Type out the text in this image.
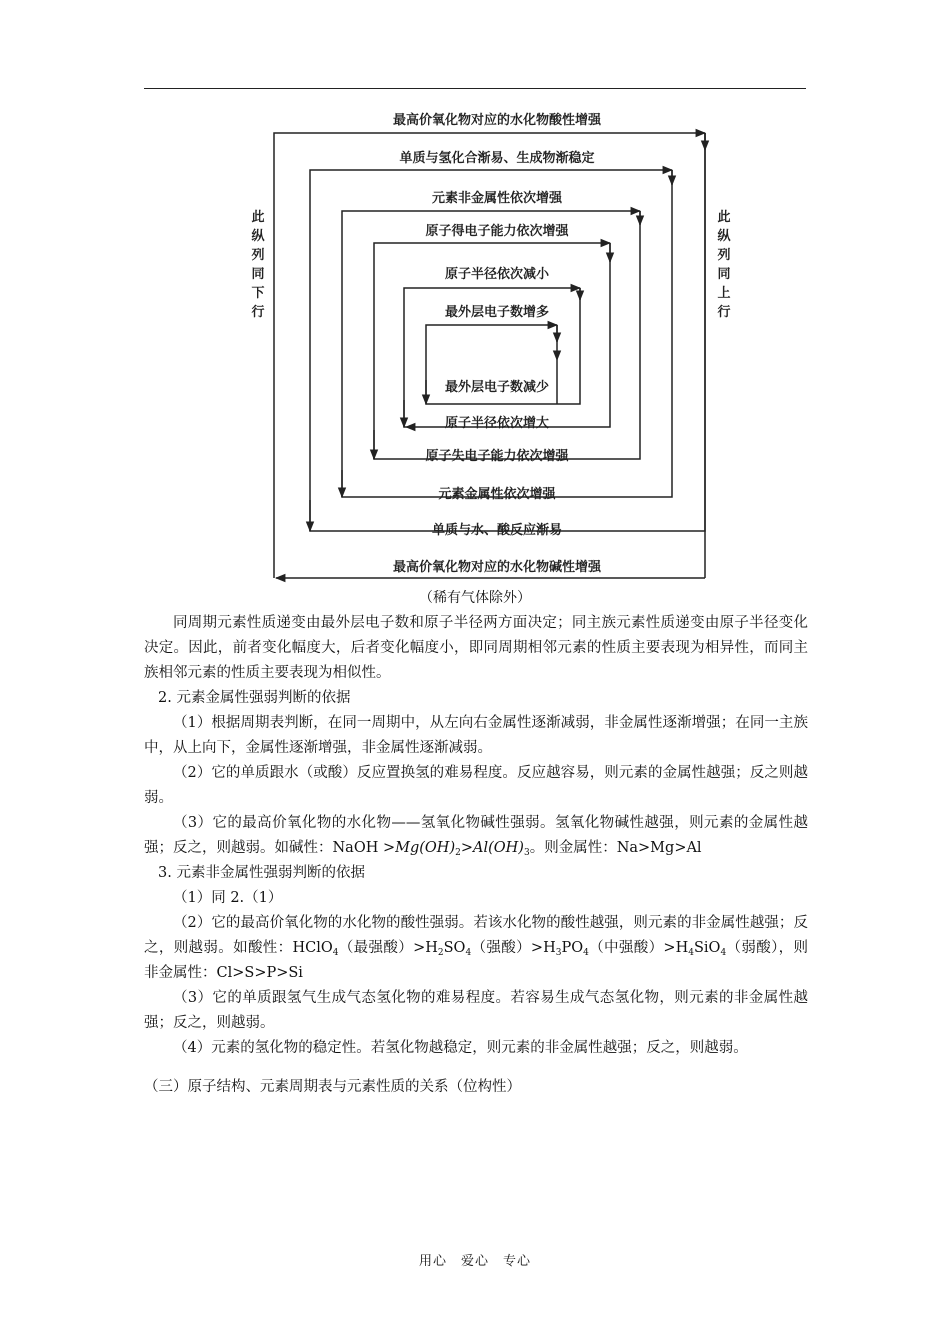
最高价氧化物对应的水化物酸性增强
单质与氢化合渐易、生成物渐稳定
元素非金属性依次增强
原子得电子能力依次增强
原子半径依次减小
最外层电子数增多
最外层电子数减少
原子半径依次增大
原子失电子能力依次增强
元素金属性依次增强
单质与水、酸反应渐易
最高价氧化物对应的水化物碱性增强
此
纵
列
同
下
行
此
纵
列
同
上
行
（稀有气体除外）

同周期元素性质递变由最外层电子数和原子半径两方面决定；同主族元素性质递变由原子半径变化决定。因此，前者变化幅度大，后者变化幅度小，即同周期相邻元素的性质主要表现为相异性，而同主族相邻元素的性质主要表现为相似性。

2. 元素金属性强弱判断的依据

（1）根据周期表判断，在同一周期中，从左向右金属性逐渐减弱，非金属性逐渐增强；在同一主族中，从上向下，金属性逐渐增强，非金属性逐渐减弱。

（2）它的单质跟水（或酸）反应置换氢的难易程度。反应越容易，则元素的金属性越强；反之则越弱。

（3）它的最高价氧化物的水化物——氢氧化物碱性强弱。氢氧化物碱性越强，则元素的金属性越强；反之，则越弱。如碱性：NaOH $>Mg(OH)_2>Al(OH)_3$。则金属性：Na>Mg>Al

3. 元素非金属性强弱判断的依据

（1）同 2.（1）

（2）它的最高价氧化物的水化物的酸性强弱。若该水化物的酸性越强，则元素的非金属性越强；反之，则越弱。如酸性：HClO$_4$（最强酸）$>H_2SO_4$（强酸）$>H_3PO_4$（中强酸）$>H_4SiO_4$（弱酸），则非金属性：Cl>S>P>Si

（3）它的单质跟氢气生成气态氢化物的难易程度。若容易生成气态氢化物，则元素的非金属性越强；反之，则越弱。

（4）元素的氢化物的稳定性。若氢化物越稳定，则元素的非金属性越强；反之，则越弱。

（三）原子结构、元素周期表与元素性质的关系（位构性）

用心　爱心　专心
